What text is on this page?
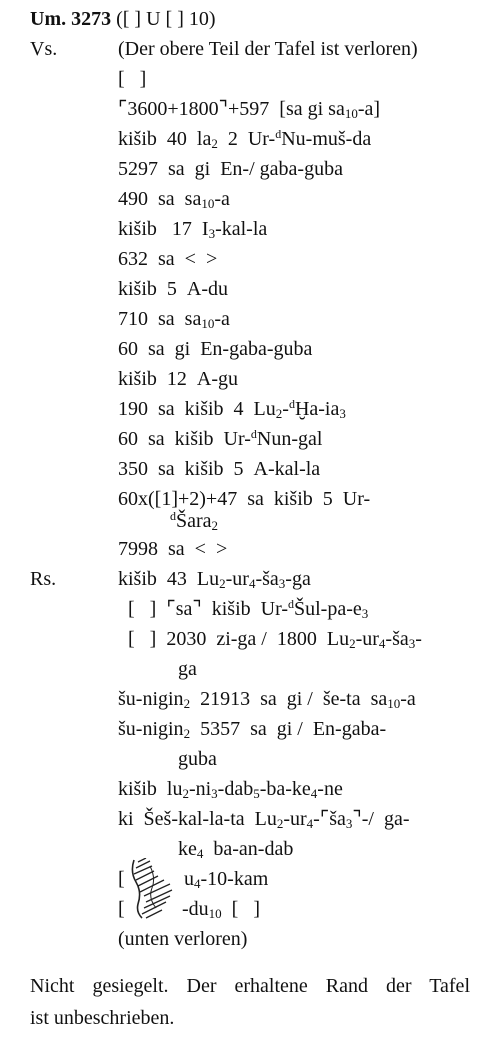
Um. 3273 ([ ] U [ ] 10)
Vs.
Rs.
(Der obere Teil der Tafel ist verloren)
[   ]
⌜3600+1800⌝+597  [sa gi $sa_{10}-a$]
kišib  40  $la_2$  2  Ur-$^d$Nu-muš-da
5297  sa  gi  En-/ gaba-guba
490  sa  $sa_{10}-a$
kišib   17  $I_3-kal-la$
632  sa  <  >
kišib  5  A-du
710  sa  $sa_{10}-a$
60  sa  gi  En-gaba-guba
kišib  12  A-gu
190  sa  kišib  4  $Lu_2-^dḪa-ia_3$
60  sa  kišib  Ur-$^d$Nun-gal
350  sa  kišib  5  A-kal-la
60x([1]+2)+47  sa  kišib  5  Ur-
$^d$Šara$_2$
7998  sa  <  >
kišib  43  $Lu_2-ur_4-ša_3-ga$
[   ]  ⌜sa⌝  kišib  $Ur-^dŠul-pa-e_3$
[   ]  2030  zi-ga /  1800  $Lu_2-ur_4-ša_3-$
ga
šu-nigin$_2$  21913  sa  gi /  še-ta  $sa_{10}-a$
šu-nigin$_2$  5357  sa  gi /  En-gaba-
guba
kišib  $lu_2-ni_3-dab_5-ba-ke_4-ne$
ki  Šeš-kal-la-ta  $Lu_2-ur_4-⌜ša_3⌝-/$  ga-
$ke_4$  ba-an-dab
[	$u_4-10$-kam
[	$-du_{10}$  [   ]
(unten verloren)
Nicht gesiegelt. Der erhaltene Rand der Tafel
ist unbeschrieben.
